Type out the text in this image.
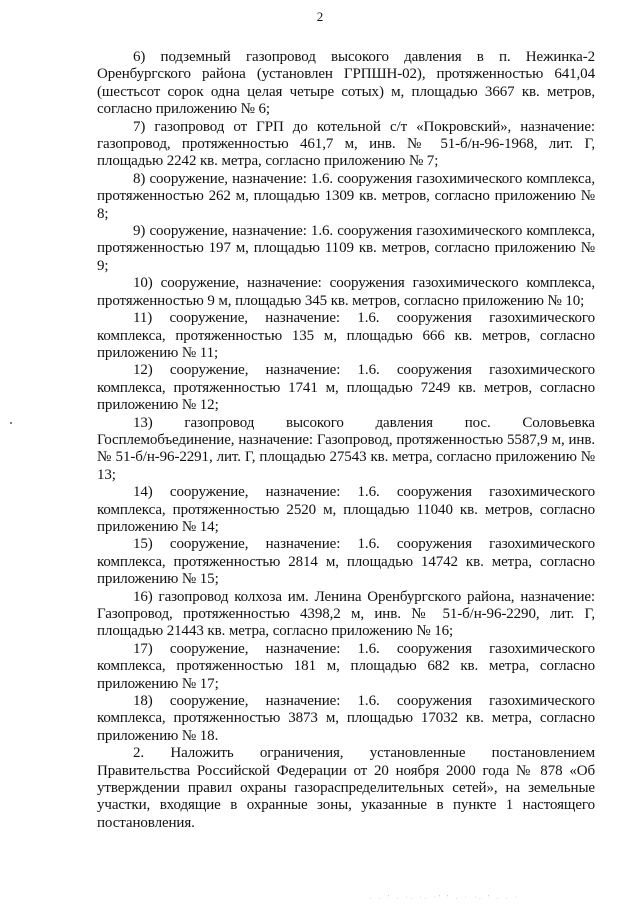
2

6) подземный газопровод высокого давления в п. Нежинка-2 Оренбургского района (установлен ГРПШН-02), протяженностью 641,04 (шестьсот сорок одна целая четыре сотых) м, площадью 3667 кв. метров, согласно приложению № 6;

7) газопровод от ГРП до котельной с/т «Покровский», назначение: газопровод, протяженностью 461,7 м, инв. № 51-б/н-96-1968, лит. Г, площадью 2242 кв. метра, согласно приложению № 7;

8) сооружение, назначение: 1.6. сооружения газохимического комплекса, протяженностью 262 м, площадью 1309 кв. метров, согласно приложению № 8;

9) сооружение, назначение: 1.6. сооружения газохимического комплекса, протяженностью 197 м, площадью 1109 кв. метров, согласно приложению № 9;

10) сооружение, назначение: сооружения газохимического комплекса, протяженностью 9 м, площадью 345 кв. метров, согласно приложению № 10;

11) сооружение, назначение: 1.6. сооружения газохимического комплекса, протяженностью 135 м, площадью 666 кв. метров, согласно приложению № 11;

12) сооружение, назначение: 1.6. сооружения газохимического комплекса, протяженностью 1741 м, площадью 7249 кв. метров, согласно приложению № 12;

13) газопровод высокого давления пос. Соловьевка Госплемобъединение, назначение: Газопровод, протяженностью 5587,9 м, инв. № 51-б/н-96-2291, лит. Г, площадью 27543 кв. метра, согласно приложению № 13;

14) сооружение, назначение: 1.6. сооружения газохимического комплекса, протяженностью 2520 м, площадью 11040 кв. метров, согласно приложению № 14;

15) сооружение, назначение: 1.6. сооружения газохимического комплекса, протяженностью 2814 м, площадью 14742 кв. метра, согласно приложению № 15;

16) газопровод колхоза им. Ленина Оренбургского района, назначение: Газопровод, протяженностью 4398,2 м, инв. № 51-б/н-96-2290, лит. Г, площадью 21443 кв. метра, согласно приложению № 16;

17) сооружение, назначение: 1.6. сооружения газохимического комплекса, протяженностью 181 м, площадью 682 кв. метра, согласно приложению № 17;

18) сооружение, назначение: 1.6. сооружения газохимического комплекса, протяженностью 3873 м, площадью 17032 кв. метра, согласно приложению № 18.

2. Наложить ограничения, установленные постановлением Правительства Российской Федерации от 20 ноября 2000 года № 878 «Об утверждении правил охраны газораспределительных сетей», на земельные участки, входящие в охранные зоны, указанные в пункте 1 настоящего постановления.

. . ' . ·. ·. ·' ' . · ·. ' . . ·
